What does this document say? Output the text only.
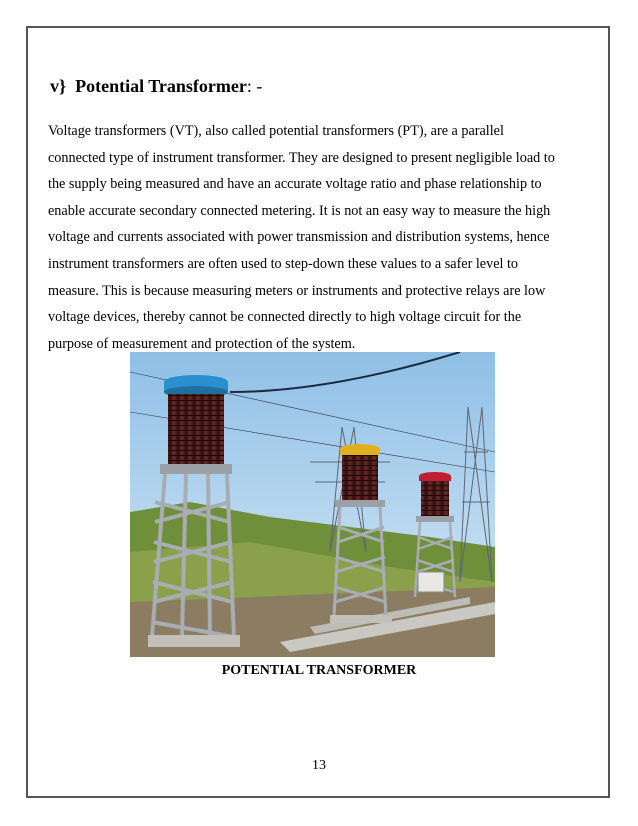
v} Potential Transformer: -
Voltage transformers (VT), also called potential transformers (PT), are a parallel
connected type of instrument transformer. They are designed to present negligible load to
the supply being measured and have an accurate voltage ratio and phase relationship to
enable accurate secondary connected metering. It is not an easy way to measure the high
voltage and currents associated with power transmission and distribution systems, hence
instrument transformers are often used to step-down these values to a safer level to
measure. This is because measuring meters or instruments and protective relays are low
voltage devices, thereby cannot be connected directly to high voltage circuit for the
purpose of measurement and protection of the system.
POTENTIAL TRANSFORMER
13
